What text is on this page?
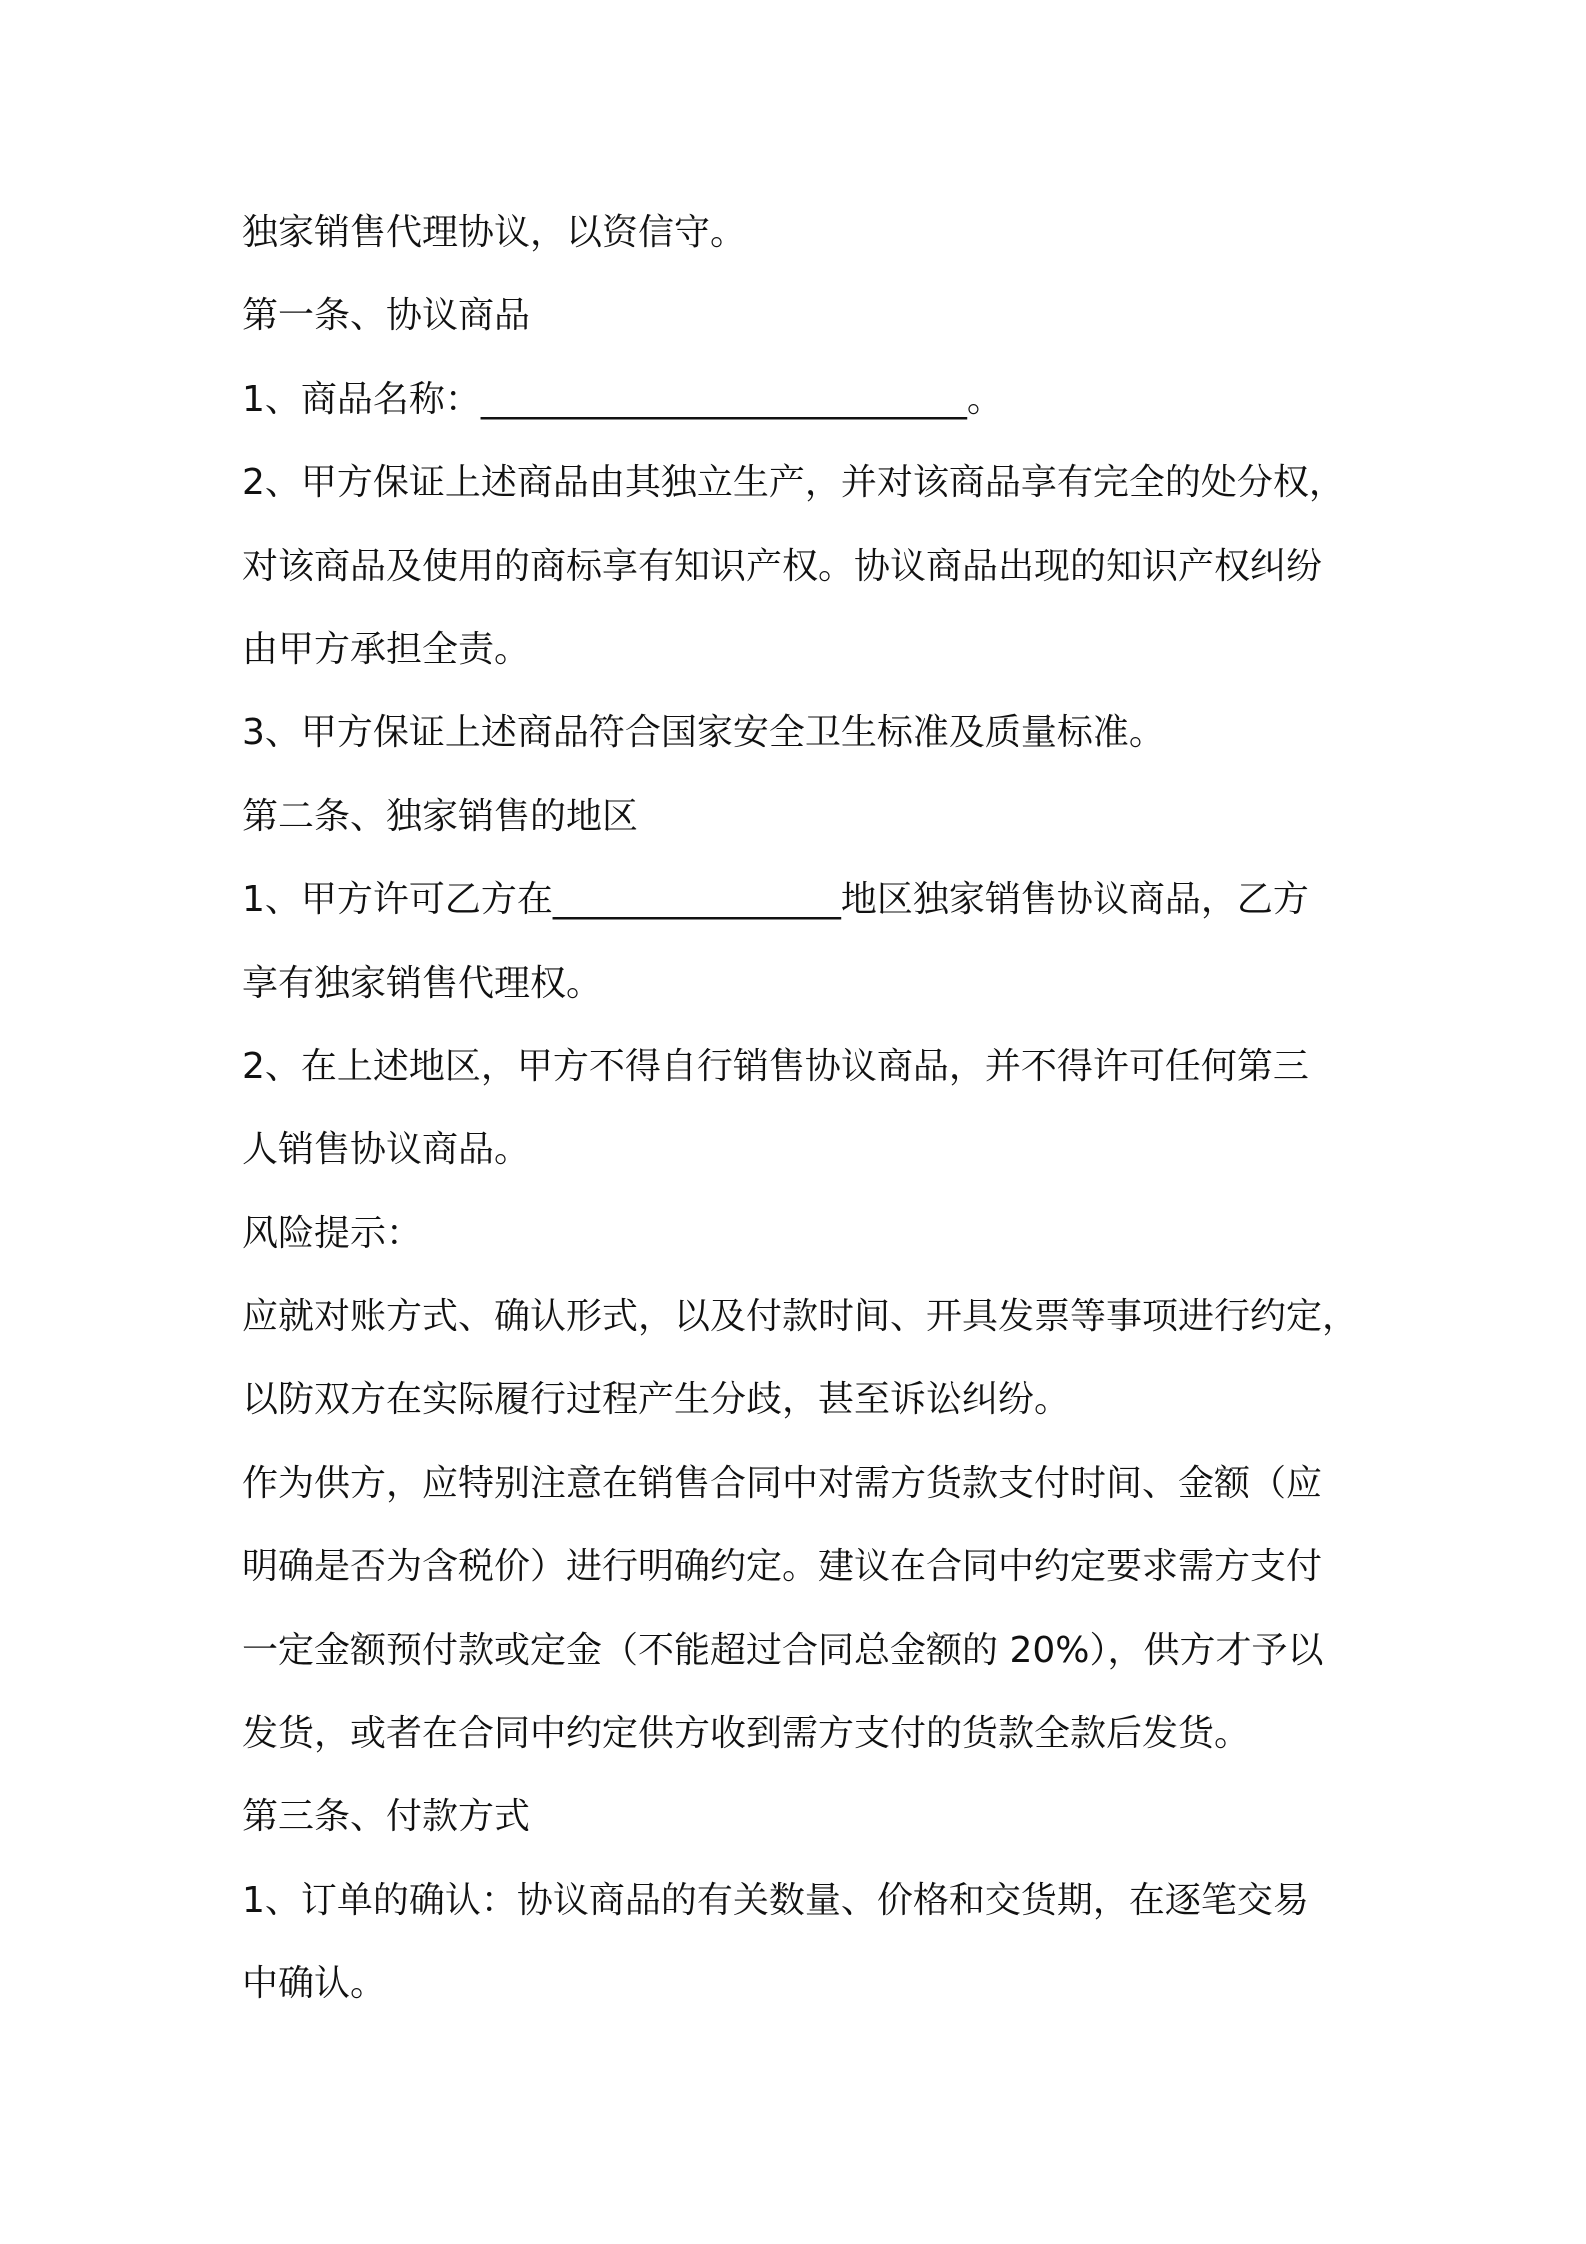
独家销售代理协议，以资信守。
第一条、协议商品
1、商品名称：___________________________。
2、甲方保证上述商品由其独立生产，并对该商品享有完全的处分权，
对该商品及使用的商标享有知识产权。协议商品出现的知识产权纠纷
由甲方承担全责。
3、甲方保证上述商品符合国家安全卫生标准及质量标准。
第二条、独家销售的地区
1、甲方许可乙方在________________地区独家销售协议商品，乙方
享有独家销售代理权。
2、在上述地区，甲方不得自行销售协议商品，并不得许可任何第三
人销售协议商品。
风险提示：
应就对账方式、确认形式，以及付款时间、开具发票等事项进行约定，
以防双方在实际履行过程产生分歧，甚至诉讼纠纷。
作为供方，应特别注意在销售合同中对需方货款支付时间、金额（应
明确是否为含税价）进行明确约定。建议在合同中约定要求需方支付
一定金额预付款或定金（不能超过合同总金额的 20%），供方才予以
发货，或者在合同中约定供方收到需方支付的货款全款后发货。
第三条、付款方式
1、订单的确认：协议商品的有关数量、价格和交货期，在逐笔交易
中确认。
